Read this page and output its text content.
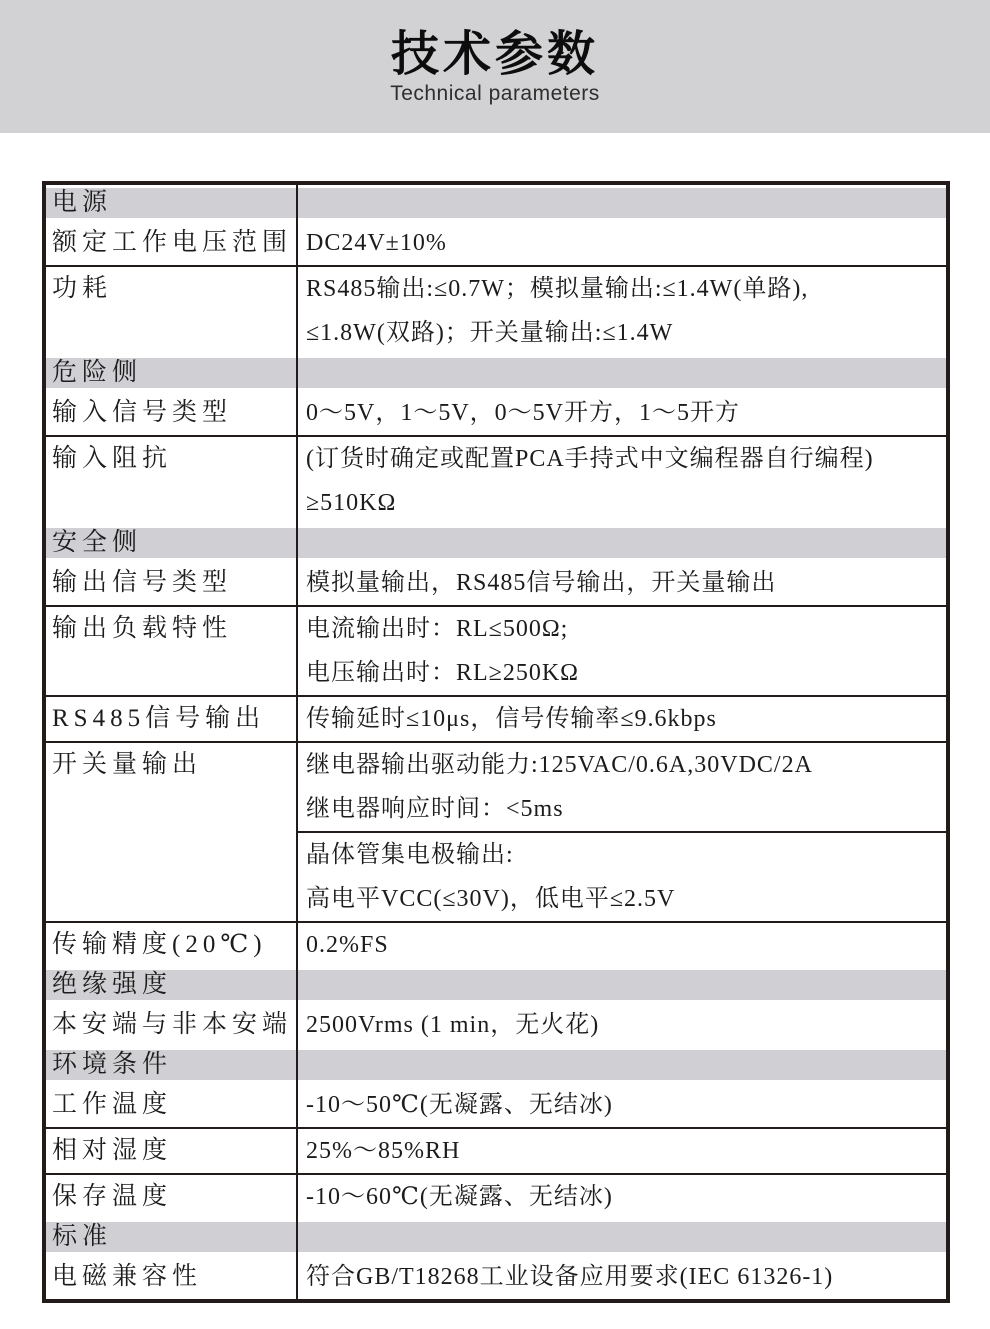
技术参数
Technical parameters
电源
额定工作电压范围 DC24V±10%
功耗	RS485输出:≤0.7W；模拟量输出:≤1.4W(单路),
≤1.8W(双路)；开关量输出:≤1.4W
危险侧
输入信号类型	0～5V，1～5V，0～5V开方，1～5开方
输入阻抗	(订货时确定或配置PCA手持式中文编程器自行编程)
≥510KΩ
安全侧
输出信号类型	模拟量输出，RS485信号输出，开关量输出
输出负载特性	电流输出时：RL≤500Ω;
电压输出时：RL≥250KΩ
RS485信号输出	传输延时≤10μs，信号传输率≤9.6kbps
开关量输出	继电器输出驱动能力:125VAC/0.6A,30VDC/2A
继电器响应时间：<5ms
晶体管集电极输出:
高电平VCC(≤30V)，低电平≤2.5V
传输精度(20℃)	0.2%FS
绝缘强度
本安端与非本安端 2500Vrms (1 min，无火花)
环境条件
工作温度	-10～50℃(无凝露、无结冰)
相对湿度	25%～85%RH
保存温度	-10～60℃(无凝露、无结冰)
标准
电磁兼容性	符合GB/T18268工业设备应用要求(IEC 61326-1)
